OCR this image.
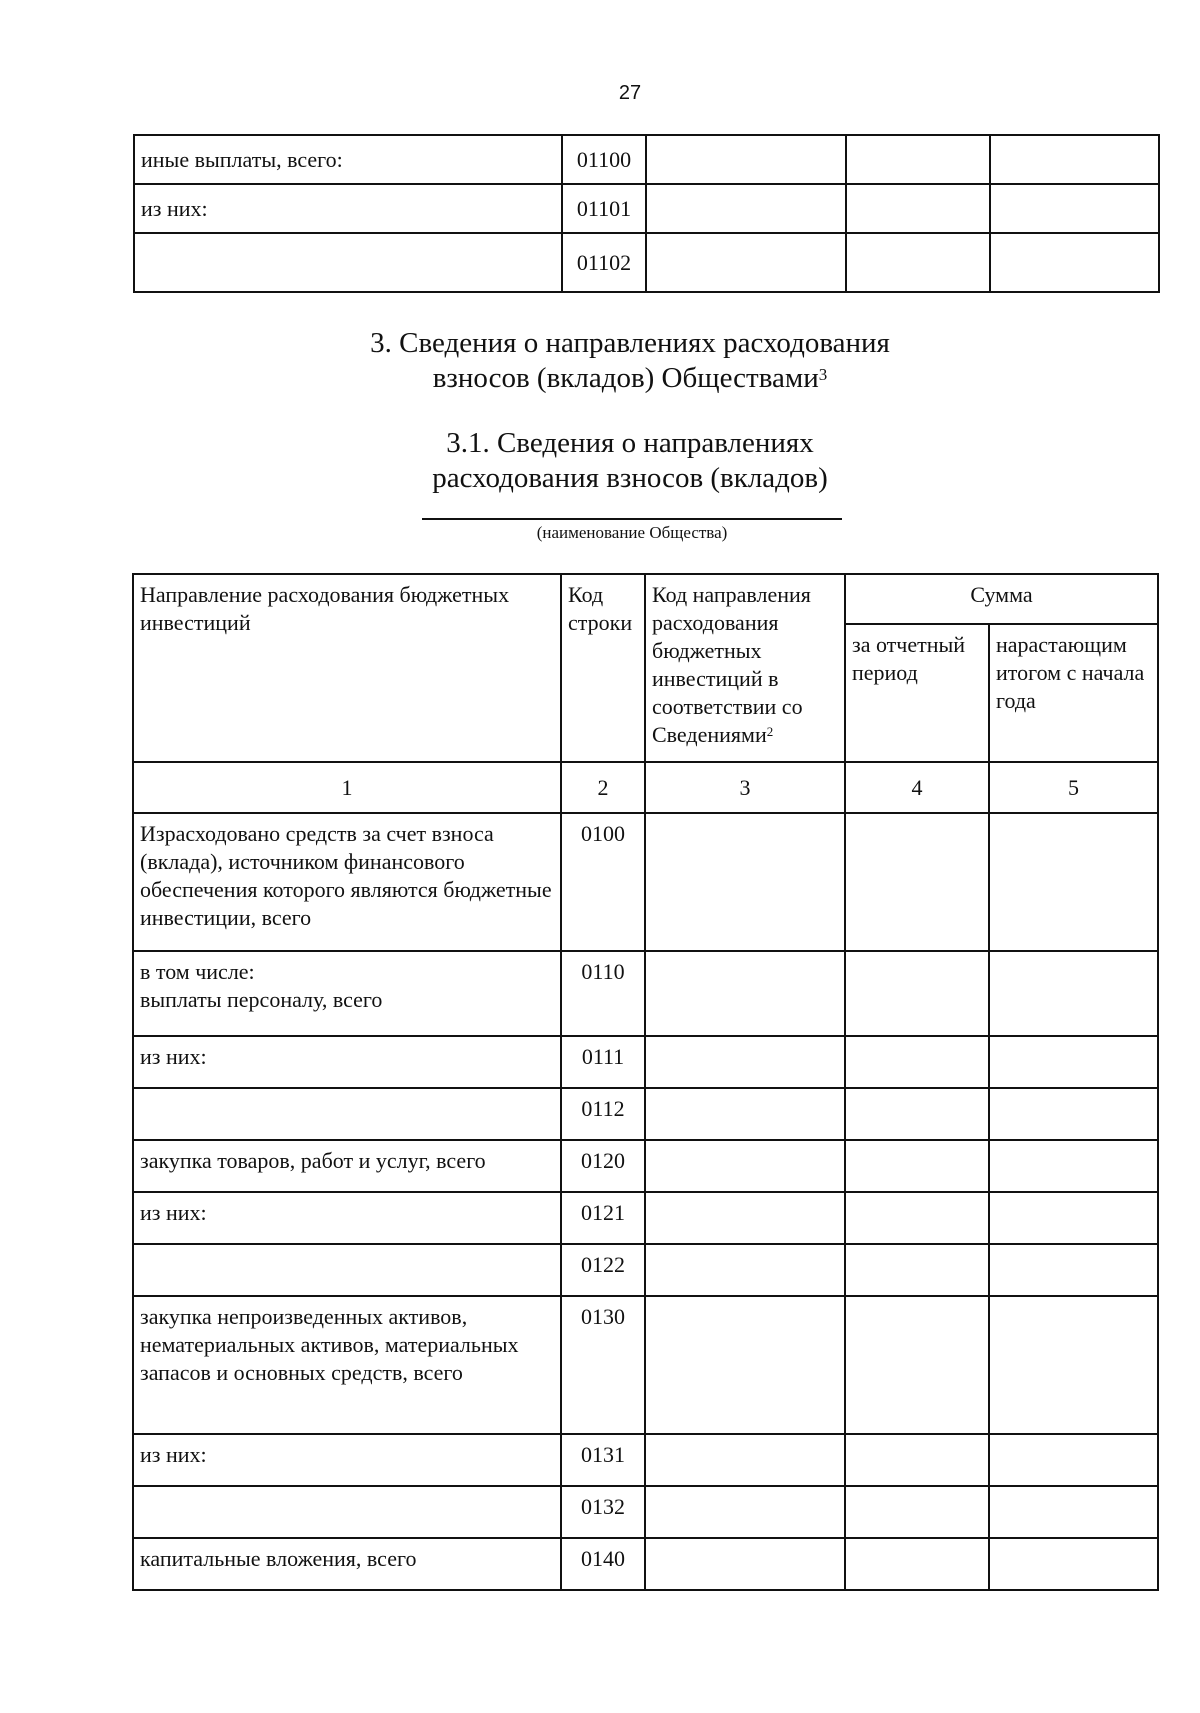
27
иные выплаты, всего:	01100			
из них:	01101			
	01102			
3. Сведения о направлениях расходования
взносов (вкладов) Обществами$^3$
3.1. Сведения о направлениях
расходования взносов (вкладов)
(наименование Общества)
Направление расходования бюджетных инвестиций	Код строки	Код направления расходования бюджетных инвестиций в соответствии со Сведениями$^2$	Сумма	
			за отчетный период	нарастающим итогом с начала года
1	2	3	4	5
Израсходовано средств за счет взноса (вклада), источником финансового обеспечения которого являются бюджетные инвестиции, всего	0100			
в том числе:
выплаты персоналу, всего	0110			
из них:	0111			
	0112			
закупка товаров, работ и услуг, всего	0120			
из них:	0121			
	0122			
закупка непроизведенных активов, нематериальных активов, материальных запасов и основных средств, всего	0130			
из них:	0131			
	0132			
капитальные вложения, всего	0140			
